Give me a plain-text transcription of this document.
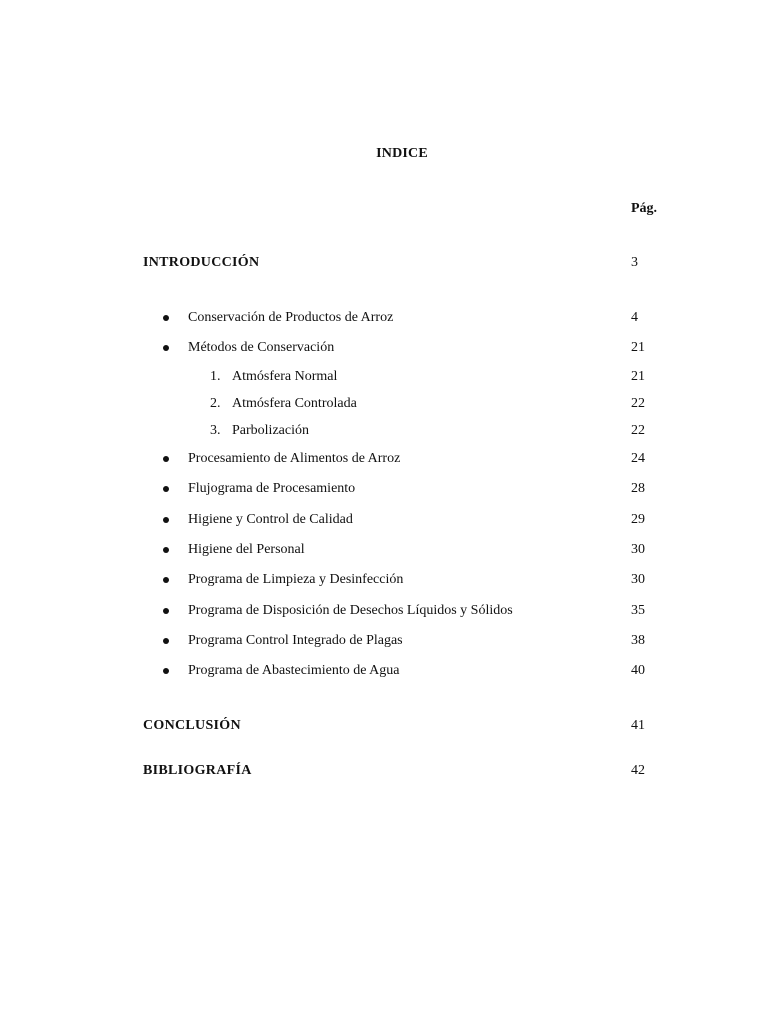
INDICE
Pág.
INTRODUCCIÓN	3
Conservación de Productos de Arroz	4
Métodos de Conservación	21
1. Atmósfera Normal	21
2. Atmósfera Controlada	22
3. Parbolización	22
Procesamiento de Alimentos de Arroz	24
Flujograma de Procesamiento	28
Higiene y Control de Calidad	29
Higiene del Personal	30
Programa de Limpieza y Desinfección	30
Programa de Disposición de Desechos Líquidos y Sólidos	35
Programa Control Integrado de Plagas	38
Programa de Abastecimiento de Agua	40
CONCLUSIÓN	41
BIBLIOGRAFÍA	42
